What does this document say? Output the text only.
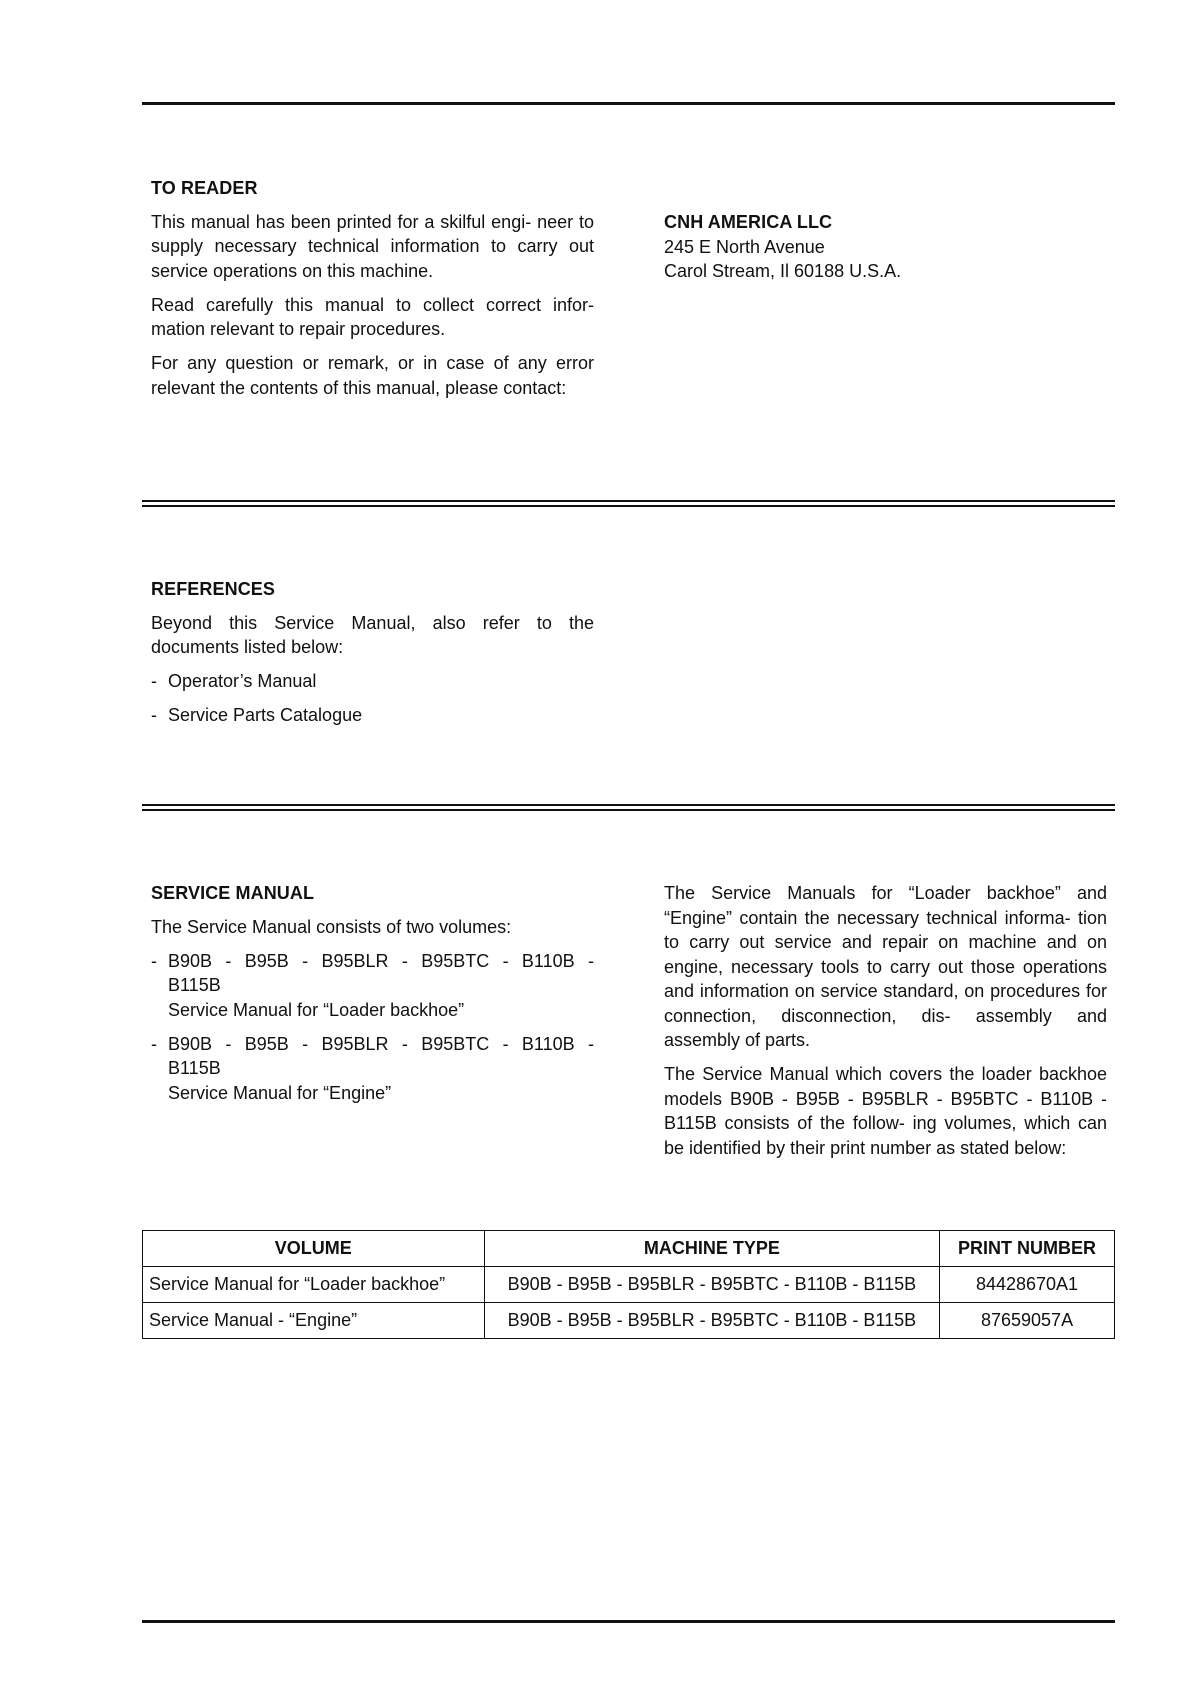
TO READER

This manual has been printed for a skilful engi- neer to supply necessary technical information to carry out service operations on this machine.

Read carefully this manual to collect correct infor- mation relevant to repair procedures.

For any question or remark, or in case of any error relevant the contents of this manual, please contact:

CNH AMERICA LLC
245 E North Avenue
Carol Stream, Il 60188 U.S.A.
REFERENCES

Beyond this Service Manual, also refer to the documents listed below:

- Operator’s Manual
- Service Parts Catalogue
SERVICE MANUAL

The Service Manual consists of two volumes:

- B90B - B95B - B95BLR - B95BTC - B110B -
B115B
Service Manual for “Loader backhoe”
- B90B - B95B - B95BLR - B95BTC - B110B -
B115B
Service Manual for “Engine”

The Service Manuals for “Loader backhoe” and “Engine” contain the necessary technical informa- tion to carry out service and repair on machine and on engine, necessary tools to carry out those operations and information on service standard, on procedures for connection, disconnection, dis- assembly and assembly of parts.

The Service Manual which covers the loader backhoe models B90B - B95B - B95BLR - B95BTC - B110B - B115B consists of the follow- ing volumes, which can be identified by their print number as stated below:

VOLUME	MACHINE TYPE	PRINT NUMBER
Service Manual for “Loader backhoe”	B90B - B95B - B95BLR - B95BTC - B110B - B115B	84428670A1
Service Manual - “Engine”	B90B - B95B - B95BLR - B95BTC - B110B - B115B	87659057A
